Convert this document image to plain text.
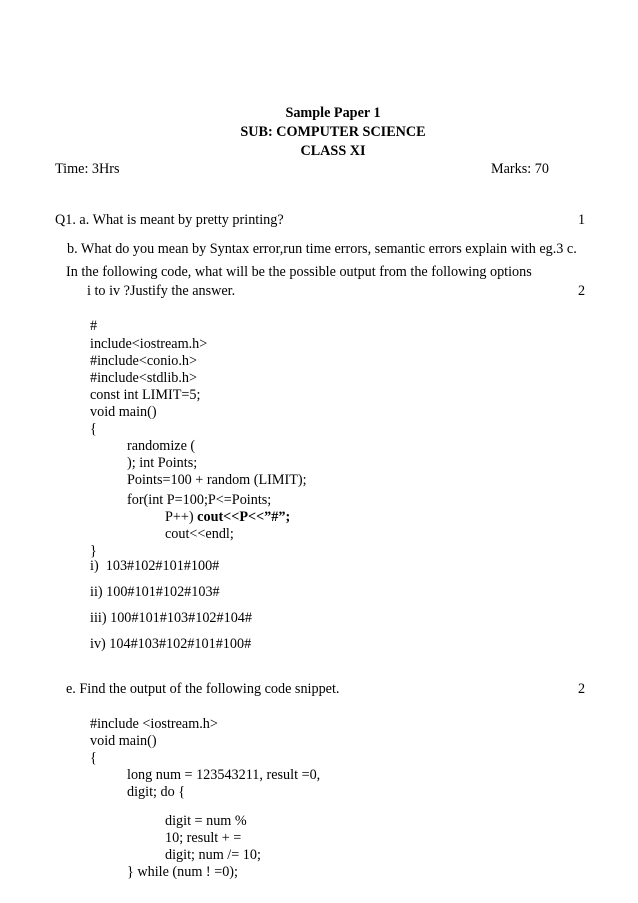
Sample Paper 1
SUB: COMPUTER SCIENCE
CLASS XI
Time: 3Hrs	Marks: 70
Q1. a. What is meant by pretty printing?	1
b. What do you mean by Syntax error,run time errors, semantic errors explain with eg.3 c.
In the following code, what will be the possible output from the following options
i to iv ?Justify the answer.	2
#
include<iostream.h>
#include<conio.h>
#include<stdlib.h>
const int LIMIT=5;
void main()
{
randomize (
); int Points;
Points=100 + random (LIMIT);
for(int P=100;P<=Points;
P++) cout<<P<<”#”;
cout<<endl;
}
i)  103#102#101#100#
ii) 100#101#102#103#
iii) 100#101#103#102#104#
iv) 104#103#102#101#100#
e. Find the output of the following code snippet.	2
#include <iostream.h>
void main()
{
long num = 123543211, result =0,
digit; do {
digit = num %
10; result + =
digit; num /= 10;
} while (num ! =0);
